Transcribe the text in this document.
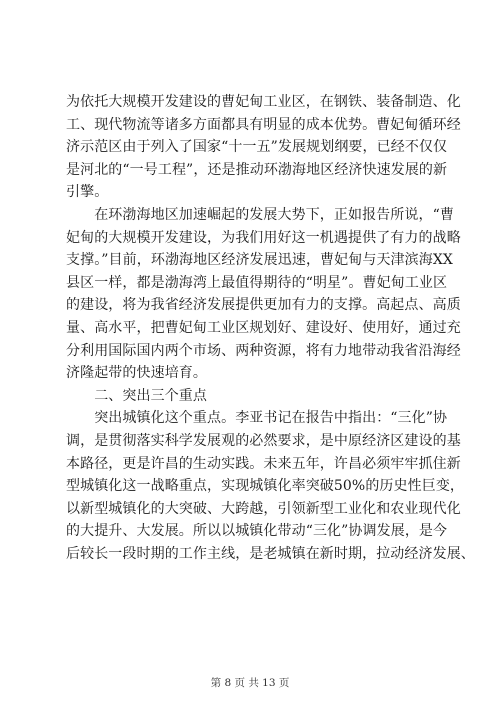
为依托大规模开发建设的曹妃甸工业区，在钢铁、装备制造、化
工、现代物流等诸多方面都具有明显的成本优势。曹妃甸循环经
济示范区由于列入了国家“十一五”发展规划纲要，已经不仅仅
是河北的“一号工程”，还是推动环渤海地区经济快速发展的新
引擎。
　　在环渤海地区加速崛起的发展大势下，正如报告所说，“曹
妃甸的大规模开发建设，为我们用好这一机遇提供了有力的战略
支撑。”目前，环渤海地区经济发展迅速，曹妃甸与天津滨海XX
县区一样，都是渤海湾上最值得期待的“明星”。曹妃甸工业区
的建设，将为我省经济发展提供更加有力的支撑。高起点、高质
量、高水平，把曹妃甸工业区规划好、建设好、使用好，通过充
分利用国际国内两个市场、两种资源，将有力地带动我省沿海经
济隆起带的快速培育。
　　二、突出三个重点
　　突出城镇化这个重点。李亚书记在报告中指出：“三化”协
调，是贯彻落实科学发展观的必然要求，是中原经济区建设的基
本路径，更是许昌的生动实践。未来五年，许昌必须牢牢抓住新
型城镇化这一战略重点，实现城镇化率突破50%的历史性巨变，
以新型城镇化的大突破、大跨越，引领新型工业化和农业现代化
的大提升、大发展。所以以城镇化带动“三化”协调发展，是今
后较长一段时期的工作主线，是老城镇在新时期，拉动经济发展、
第 8 页 共 13 页
